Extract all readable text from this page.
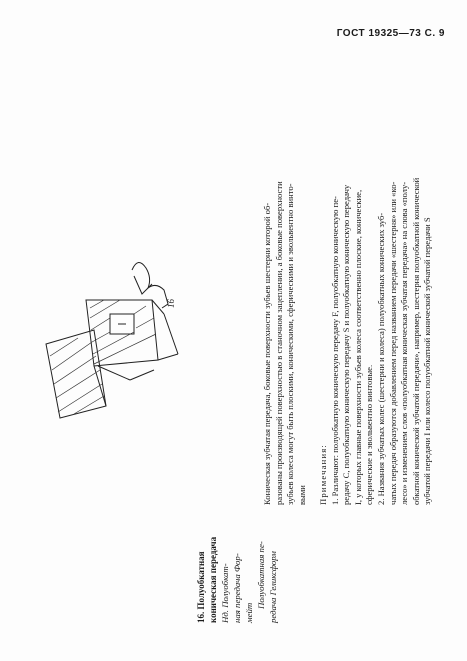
ГОСТ 19325—73 С. 9
16. Полуобкатная коническая передача Нд. Полуобкат- ная передача Фор- мейт
Полуобкатная пе- редача Геликсформ
Коническая зубчатая передача, боковые поверхности зубьев шестерни которой об- разованы производящей поверхностью в станочном зацеплении, а боковые поверхности зубьев колеса могут быть плоскими, коническими, сферическими и эвольвентно винто- выми Примечания: 1. Различают: полуобкатную коническую передачу F, полуобкатную коническую пе- редачу C, полуобкатную коническую передачу S и полуобкатную коническую передачу I, у которых главные поверхности зубьев колеса соответственно плоские, конические, сферические и эвольвентно винтовые. 2. Названия зубчатых колес (шестерни и колеса) полуобкатных конических зуб- чатых передач образуются добавлением перед названием передачи «шестерня» или «ко- лесо» и изменением слов «полуобкатная коническая зубчатая передача» на слова «полу- обкатной конической зубчатой передачи», например, шестерня полуобкатной конической зубчатой передачи I или колесо полуобкатной конической зубчатой передачи S
16
